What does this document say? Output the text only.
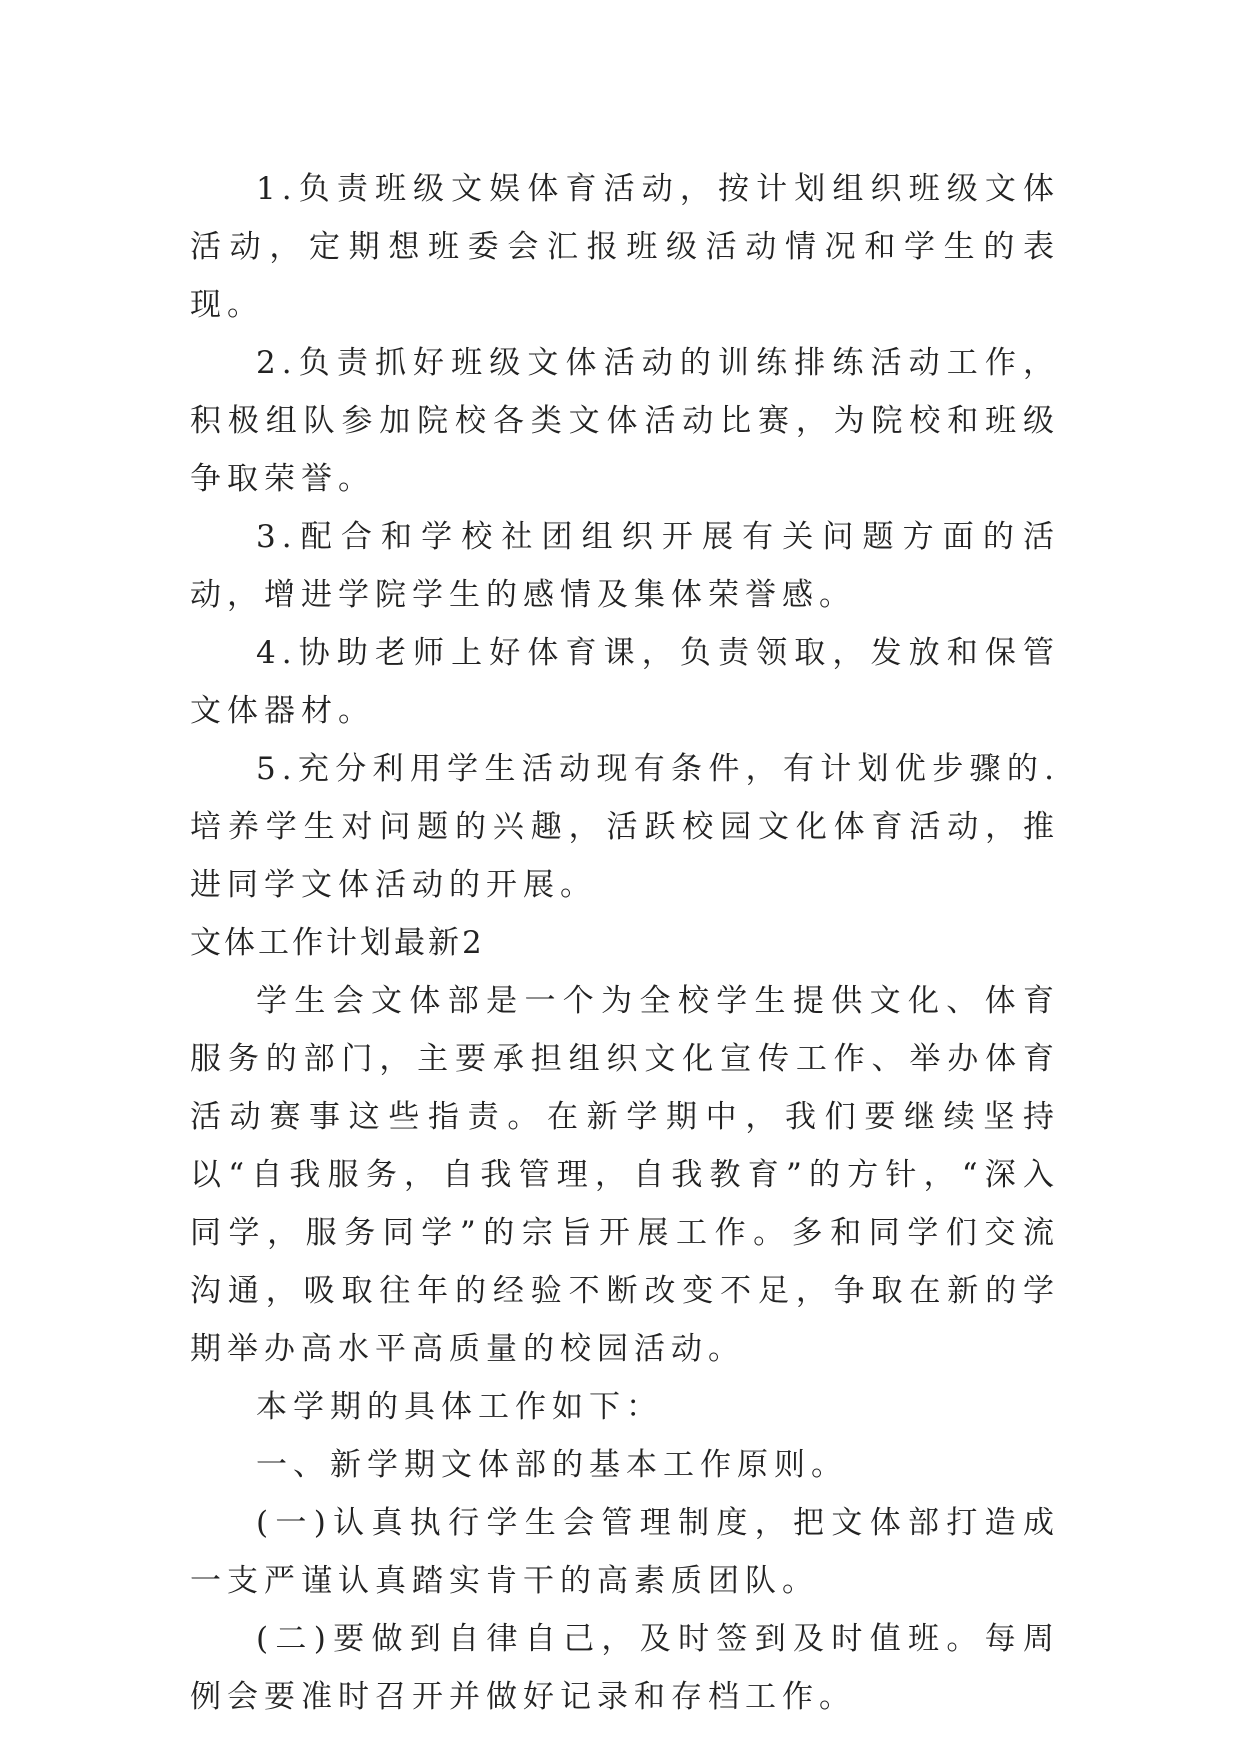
1.负责班级文娱体育活动，按计划组织班级文体活动，定期想班委会汇报班级活动情况和学生的表现。

2.负责抓好班级文体活动的训练排练活动工作，积极组队参加院校各类文体活动比赛，为院校和班级争取荣誉。

3.配合和学校社团组织开展有关问题方面的活动，增进学院学生的感情及集体荣誉感。

4.协助老师上好体育课，负责领取，发放和保管文体器材。

5.充分利用学生活动现有条件，有计划优步骤的.培养学生对问题的兴趣，活跃校园文化体育活动，推进同学文体活动的开展。

文体工作计划最新2

学生会文体部是一个为全校学生提供文化、体育服务的部门，主要承担组织文化宣传工作、举办体育活动赛事这些指责。在新学期中，我们要继续坚持以“自我服务，自我管理，自我教育”的方针，“深入同学，服务同学”的宗旨开展工作。多和同学们交流沟通，吸取往年的经验不断改变不足，争取在新的学期举办高水平高质量的校园活动。

本学期的具体工作如下：

一、新学期文体部的基本工作原则。

(一)认真执行学生会管理制度，把文体部打造成一支严谨认真踏实肯干的高素质团队。

(二)要做到自律自己，及时签到及时值班。每周例会要准时召开并做好记录和存档工作。
